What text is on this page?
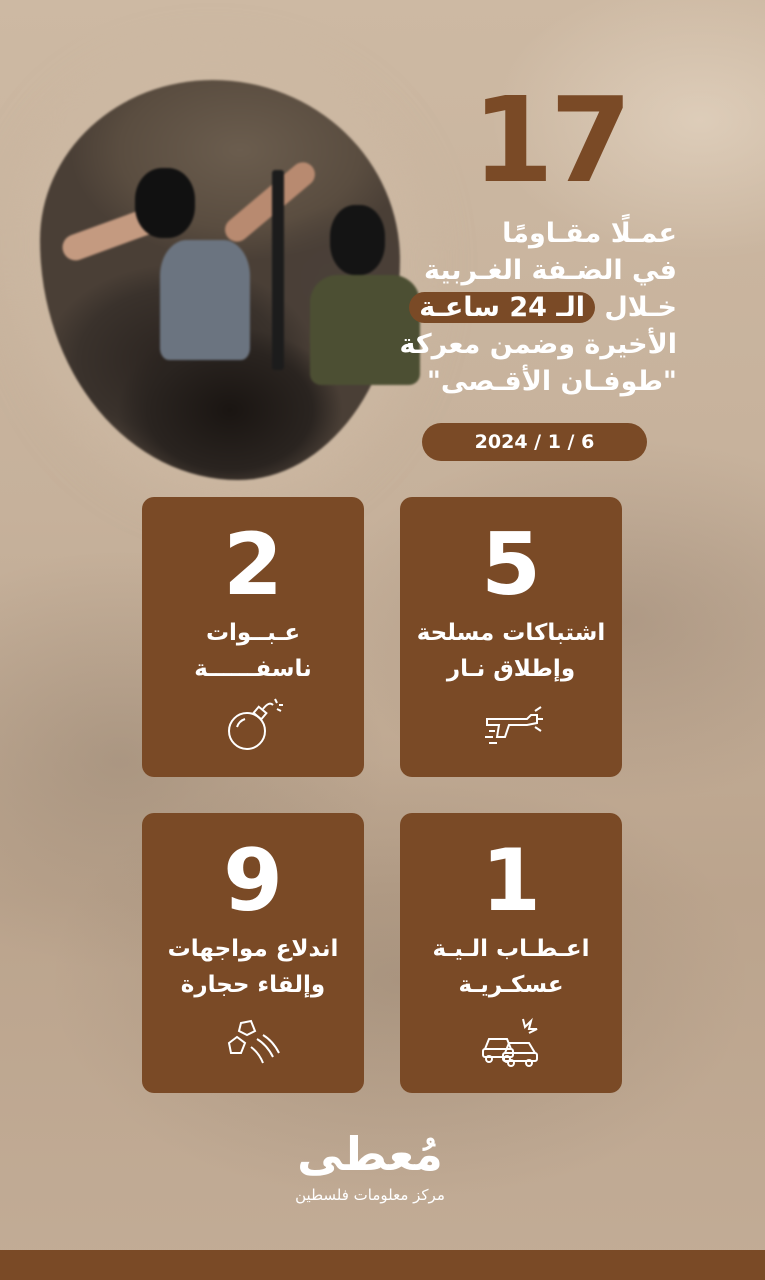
17
عمـلًا مقـاومًا
في الضـفة الغـربية
خـلال الـ 24 ساعـة
الأخيرة وضمن معركة
"طوفـان الأقـصى"
2024 / 1 / 6
5
اشتباكات مسلحة
وإطلاق نـار
2
عـبــوات
ناسفــــــة
1
اعـطـاب الـيـة
عسكـريـة
9
اندلاع مواجهات
وإلقاء حجارة
مُعطى
مركز معلومات فلسطين
